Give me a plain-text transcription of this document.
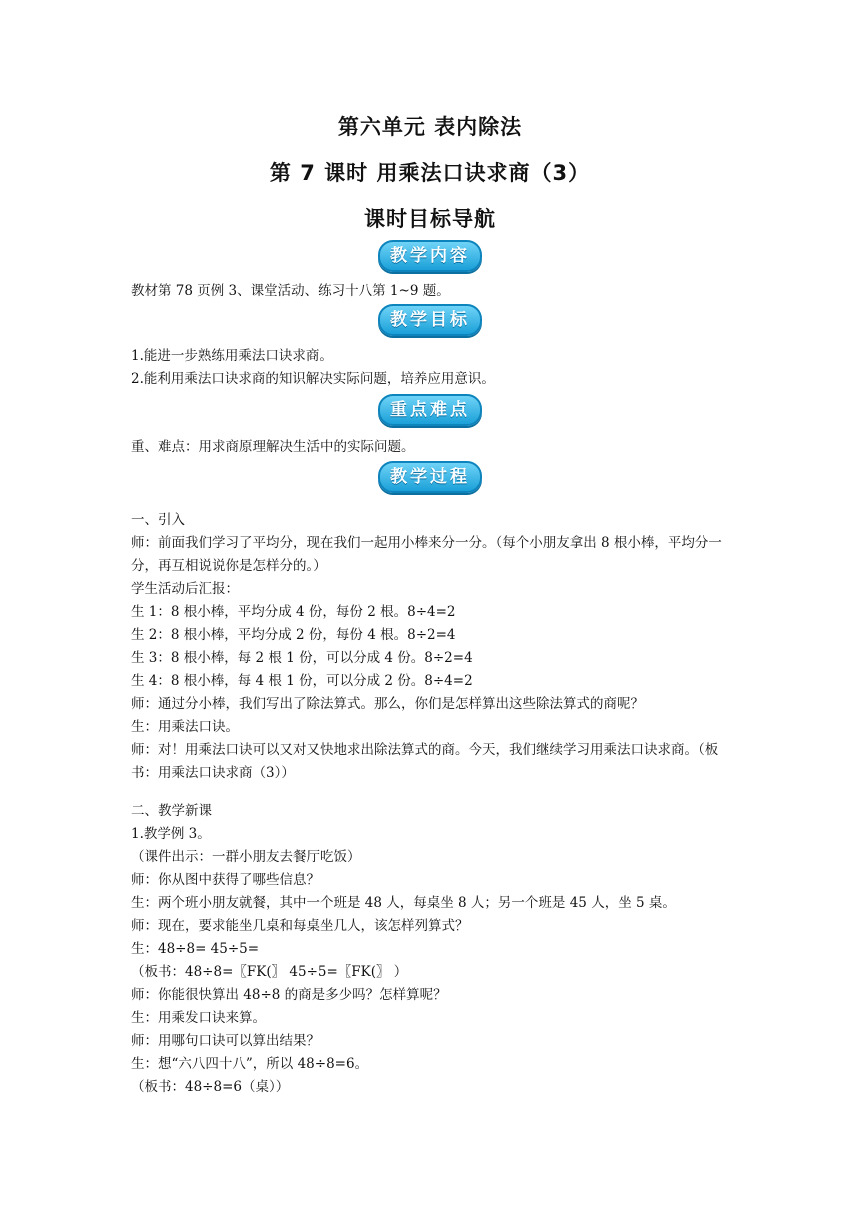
第六单元 表内除法
第 7 课时 用乘法口诀求商（3）
课时目标导航
教学内容

教材第 78 页例 3、课堂活动、练习十八第 1~9 题。

教学目标

1.能进一步熟练用乘法口诀求商。

2.能利用乘法口诀求商的知识解决实际问题，培养应用意识。

重点难点

重、难点：用求商原理解决生活中的实际问题。

教学过程

一、引入

师：前面我们学习了平均分，现在我们一起用小棒来分一分。（每个小朋友拿出 8 根小棒，平均分一分，再互相说说你是怎样分的。）

学生活动后汇报：

生 1：8 根小棒，平均分成 4 份，每份 2 根。8÷4=2

生 2：8 根小棒，平均分成 2 份，每份 4 根。8÷2=4

生 3：8 根小棒，每 2 根 1 份，可以分成 4 份。8÷2=4

生 4：8 根小棒，每 4 根 1 份，可以分成 2 份。8÷4=2

师：通过分小棒，我们写出了除法算式。那么，你们是怎样算出这些除法算式的商呢？

生：用乘法口诀。

师：对！用乘法口诀可以又对又快地求出除法算式的商。今天，我们继续学习用乘法口诀求商。（板书：用乘法口诀求商（3））

二、教学新课

1.教学例 3。

（课件出示：一群小朋友去餐厅吃饭）

师：你从图中获得了哪些信息？

生：两个班小朋友就餐，其中一个班是 48 人，每桌坐 8 人；另一个班是 45 人，坐 5 桌。

师：现在，要求能坐几桌和每桌坐几人，该怎样列算式？

生：48÷8= 45÷5=

（板书：48÷8=〖FK(〗 45÷5=〖FK(〗 ）

师：你能很快算出 48÷8 的商是多少吗？怎样算呢？

生：用乘发口诀来算。

师：用哪句口诀可以算出结果？

生：想“六八四十八”，所以 48÷8=6。

（板书：48÷8=6（桌））
